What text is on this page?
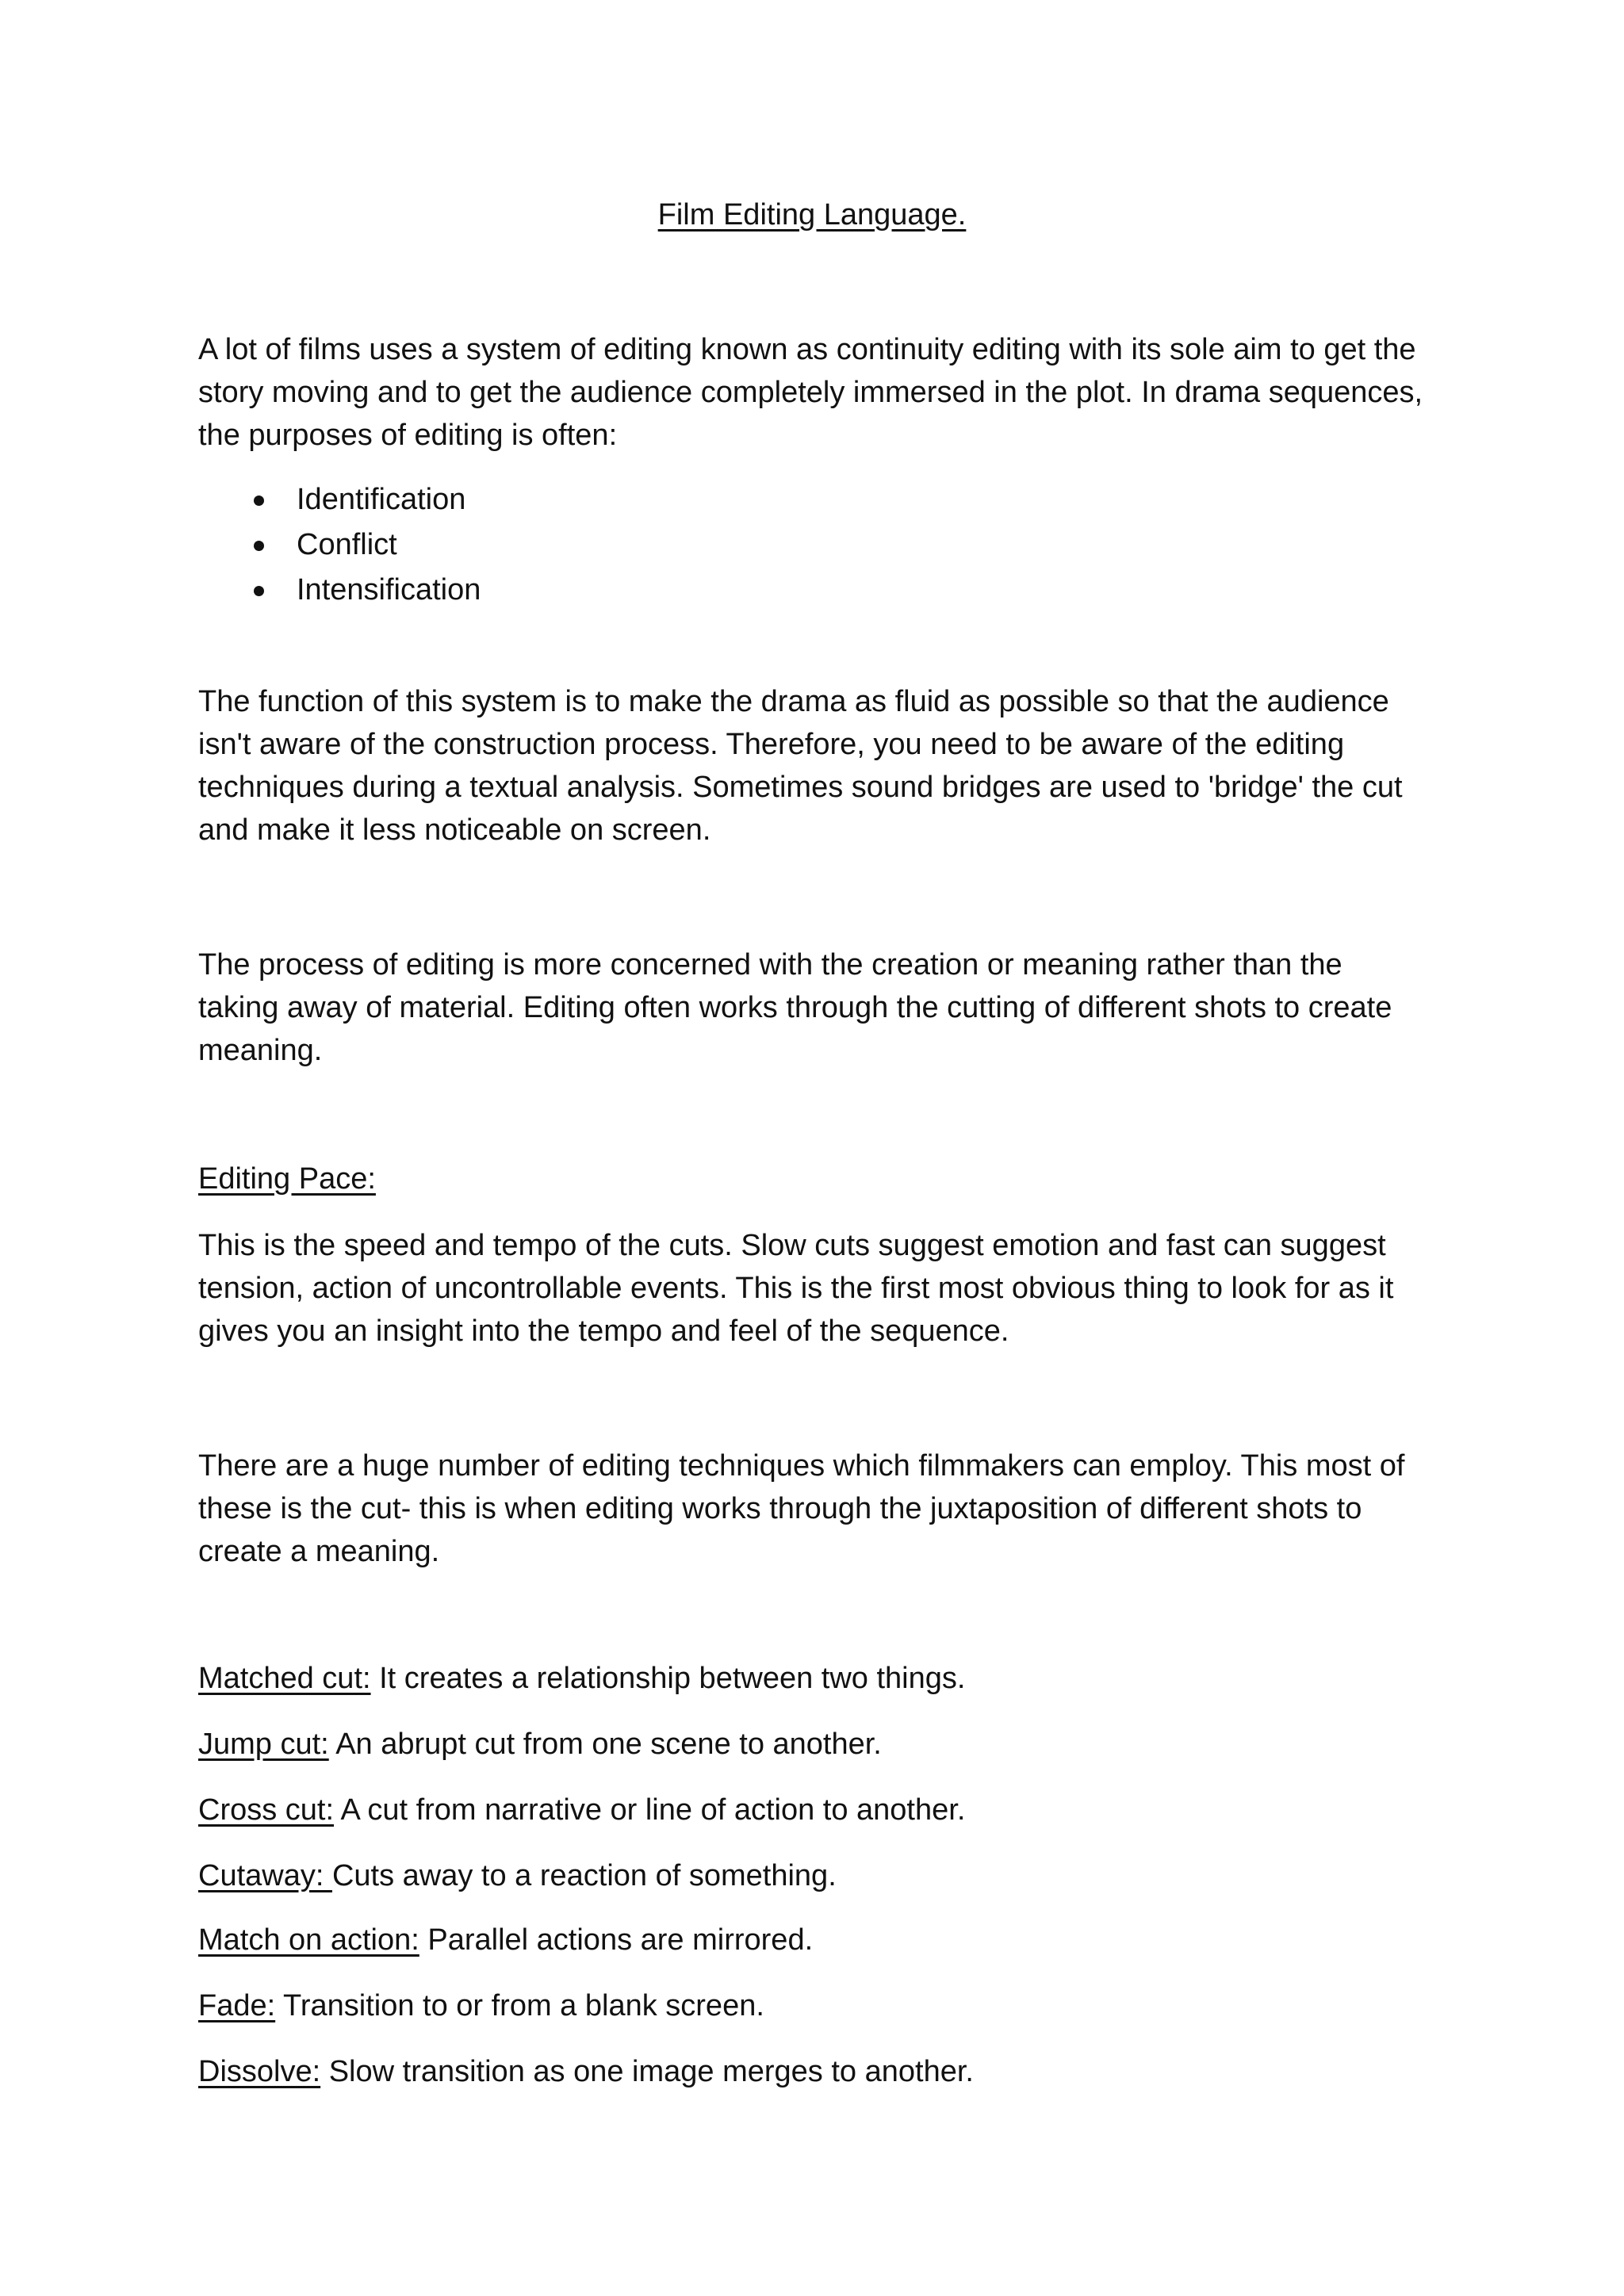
Film Editing Language.
A lot of films uses a system of editing known as continuity editing with its sole aim to get the
story moving and to get the audience completely immersed in the plot. In drama sequences,
the purposes of editing is often:
Identification
Conflict
Intensification
The function of this system is to make the drama as fluid as possible so that the audience
isn't aware of the construction process. Therefore, you need to be aware of the editing
techniques during a textual analysis. Sometimes sound bridges are used to 'bridge' the cut
and make it less noticeable on screen.
The process of editing is more concerned with the creation or meaning rather than the
taking away of material. Editing often works through the cutting of different shots to create
meaning.
Editing Pace:
This is the speed and tempo of the cuts. Slow cuts suggest emotion and fast can suggest
tension, action of uncontrollable events. This is the first most obvious thing to look for as it
gives you an insight into the tempo and feel of the sequence.
There are a huge number of editing techniques which filmmakers can employ. This most of
these is the cut- this is when editing works through the juxtaposition of different shots to
create a meaning.
Matched cut: It creates a relationship between two things.
Jump cut: An abrupt cut from one scene to another.
Cross cut: A cut from narrative or line of action to another.
Cutaway: Cuts away to a reaction of something.
Match on action: Parallel actions are mirrored.
Fade: Transition to or from a blank screen.
Dissolve: Slow transition as one image merges to another.
